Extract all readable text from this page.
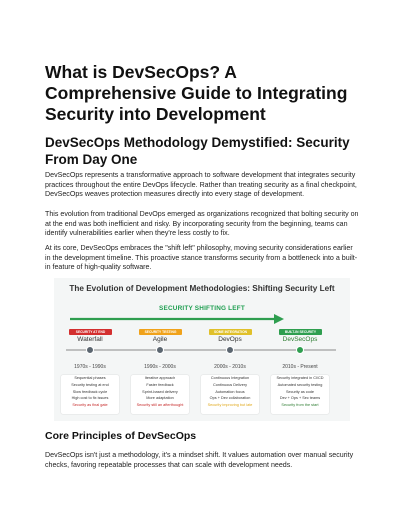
What is DevSecOps? A Comprehensive Guide to Integrating Security into Development
DevSecOps Methodology Demystified: Security From Day One

DevSecOps represents a transformative approach to software development that integrates security practices throughout the entire DevOps lifecycle. Rather than treating security as a final checkpoint, DevSecOps weaves protection measures directly into every stage of development.

This evolution from traditional DevOps emerged as organizations recognized that bolting security on at the end was both inefficient and risky. By incorporating security from the beginning, teams can identify vulnerabilities earlier when they're less costly to fix.

At its core, DevSecOps embraces the "shift left" philosophy, moving security considerations earlier in the development timeline. This proactive stance transforms security from a bottleneck into a built-in feature of high-quality software.

The Evolution of Development Methodologies: Shifting Security Left
SECURITY SHIFTING LEFT
SECURITY AT END
Waterfall
1970s - 1990s
Sequential phases
Security testing at end
Slow feedback cycle
High cost to fix issues
Security as final gate
SECURITY TESTING
Agile
1990s - 2000s
Iterative approach
Faster feedback
Sprint-based delivery
More adaptation
Security still an afterthought
SOME INTEGRATION
DevOps
2000s - 2010s
Continuous Integration
Continuous Delivery
Automation focus
Ops + Dev collaboration
Security improving but late
BUILT-IN SECURITY
DevSecOps
2010s - Present
Security integrated in CI/CD
Automated security testing
Security as code
Dev + Ops + Sec teams
Security from the start
Core Principles of DevSecOps

DevSecOps isn't just a methodology, it's a mindset shift. It values automation over manual security checks, favoring repeatable processes that can scale with development needs.
